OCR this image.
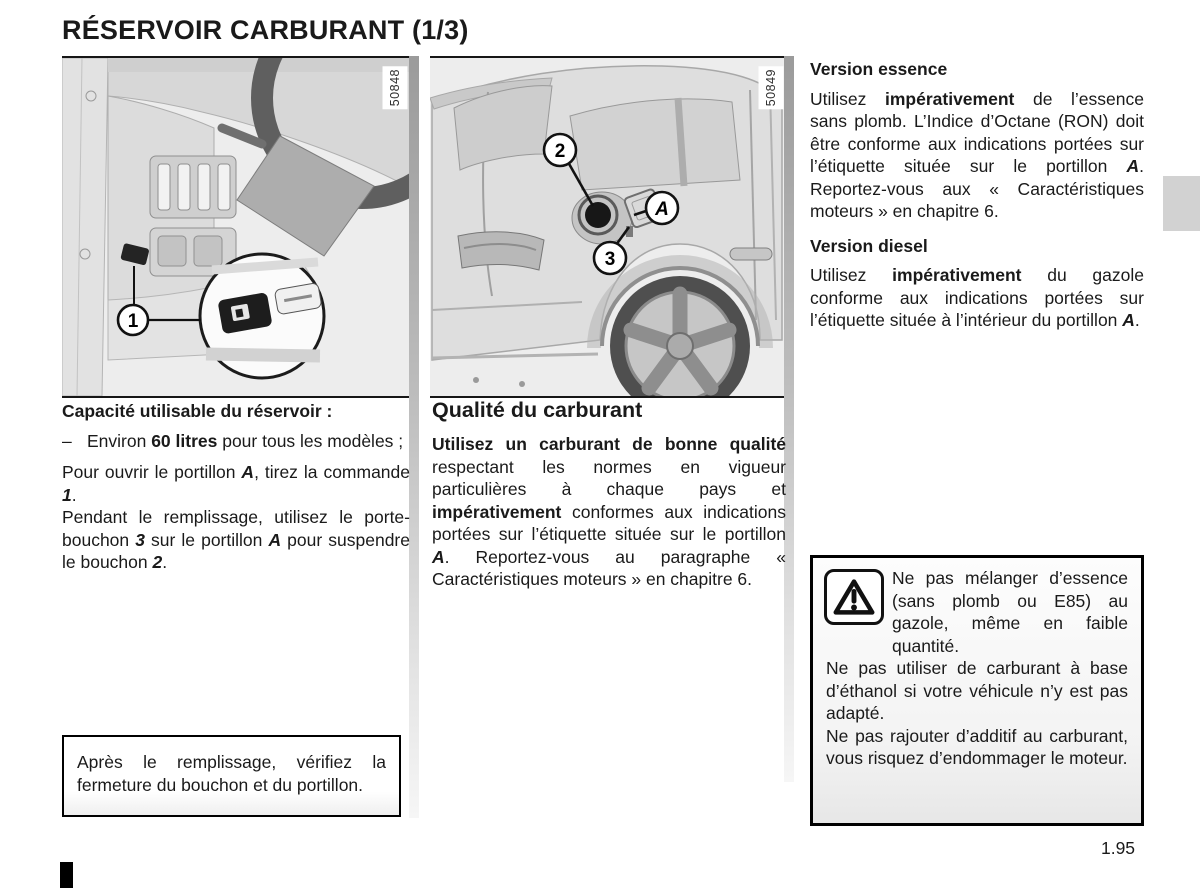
RÉSERVOIR CARBURANT (1/3)
1
50848
2
3
A
50849
Capacité utilisable du réservoir :
– Environ 60 litres pour tous les modèles ;
Pour ouvrir le portillon A, tirez la commande 1.
Pendant le remplissage, utilisez le porte-bouchon 3 sur le portillon A pour suspendre le bouchon 2.
Qualité du carburant
Utilisez un carburant de bonne qualité respectant les normes en vigueur particulières à chaque pays et impérativement conformes aux indications portées sur l’étiquette située sur le portillon A. Reportez-vous au paragraphe « Caractéristiques moteurs » en chapitre 6.
Version essence
Utilisez impérativement de l’essence sans plomb. L’Indice d’Octane (RON) doit être conforme aux indications portées sur l’étiquette située sur le portillon A. Reportez-vous aux « Caractéristiques moteurs » en chapitre 6.
Version diesel
Utilisez impérativement du gazole conforme aux indications portées sur l’étiquette située à l’intérieur du portillon A.

Ne pas mélanger d’essence (sans plomb ou E85) au gazole, même en faible quantité.

Ne pas utiliser de carburant à base d’éthanol si votre véhicule n’y est pas adapté.

Ne pas rajouter d’additif au carburant, vous risquez d’endommager le moteur.

Après le remplissage, vérifiez la fermeture du bouchon et du portillon.
1.95
